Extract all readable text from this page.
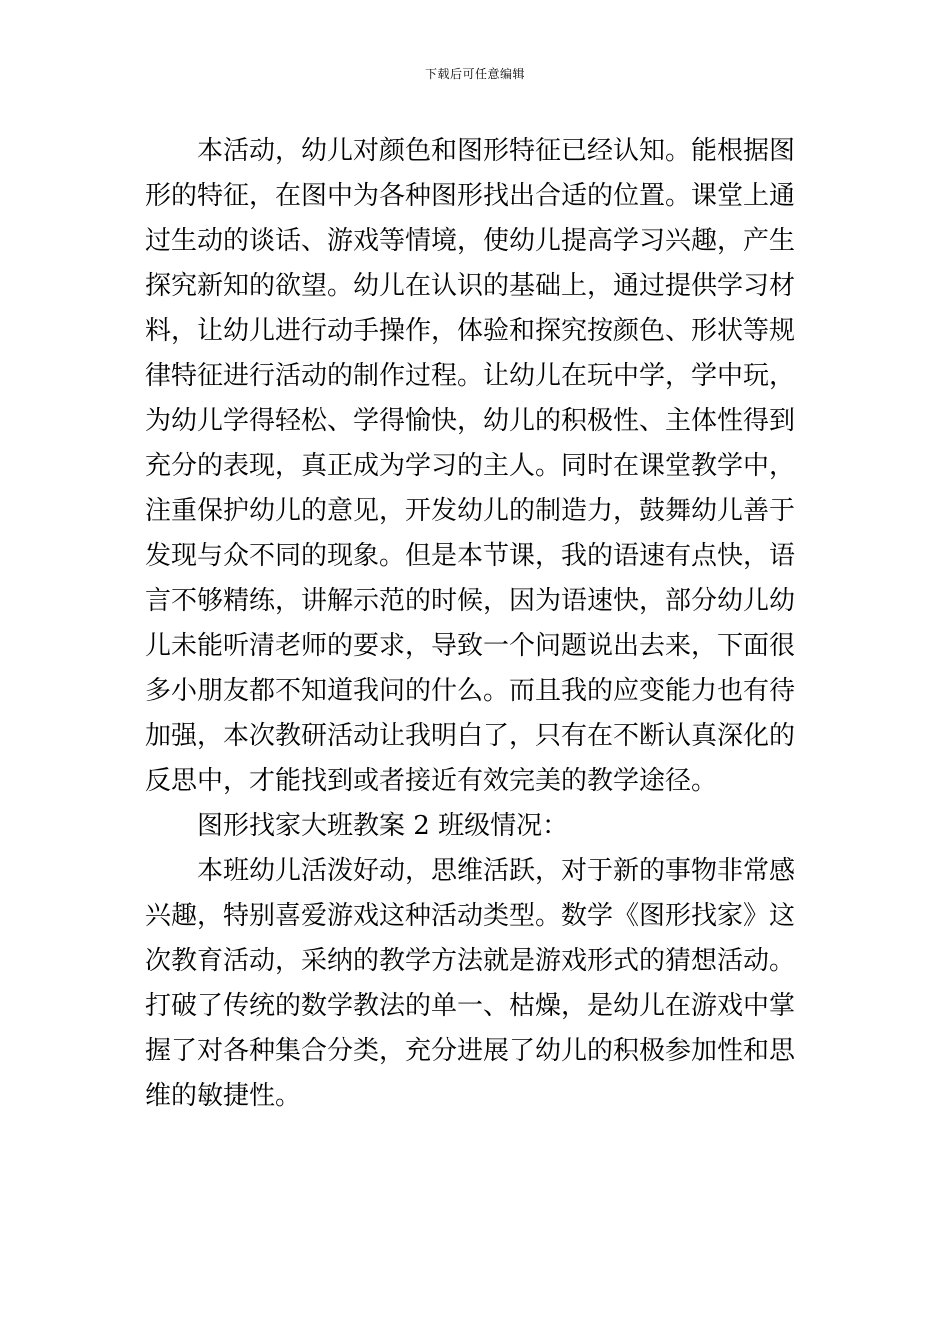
下载后可任意编辑

　　本活动，幼儿对颜色和图形特征已经认知。能根据图

形的特征，在图中为各种图形找出合适的位置。课堂上通

过生动的谈话、游戏等情境，使幼儿提高学习兴趣，产生

探究新知的欲望。幼儿在认识的基础上，通过提供学习材

料，让幼儿进行动手操作，体验和探究按颜色、形状等规

律特征进行活动的制作过程。让幼儿在玩中学，学中玩，

为幼儿学得轻松、学得愉快，幼儿的积极性、主体性得到

充分的表现，真正成为学习的主人。同时在课堂教学中，

注重保护幼儿的意见，开发幼儿的制造力，鼓舞幼儿善于

发现与众不同的现象。但是本节课，我的语速有点快，语

言不够精练，讲解示范的时候，因为语速快，部分幼儿幼

儿未能听清老师的要求，导致一个问题说出去来，下面很

多小朋友都不知道我问的什么。而且我的应变能力也有待

加强，本次教研活动让我明白了，只有在不断认真深化的

反思中，才能找到或者接近有效完美的教学途径。

　　图形找家大班教案 2 班级情况：

　　本班幼儿活泼好动，思维活跃，对于新的事物非常感

兴趣，特别喜爱游戏这种活动类型。数学《图形找家》这

次教育活动，采纳的教学方法就是游戏形式的猜想活动。

打破了传统的数学教法的单一、枯燥，是幼儿在游戏中掌

握了对各种集合分类，充分进展了幼儿的积极参加性和思

维的敏捷性。
